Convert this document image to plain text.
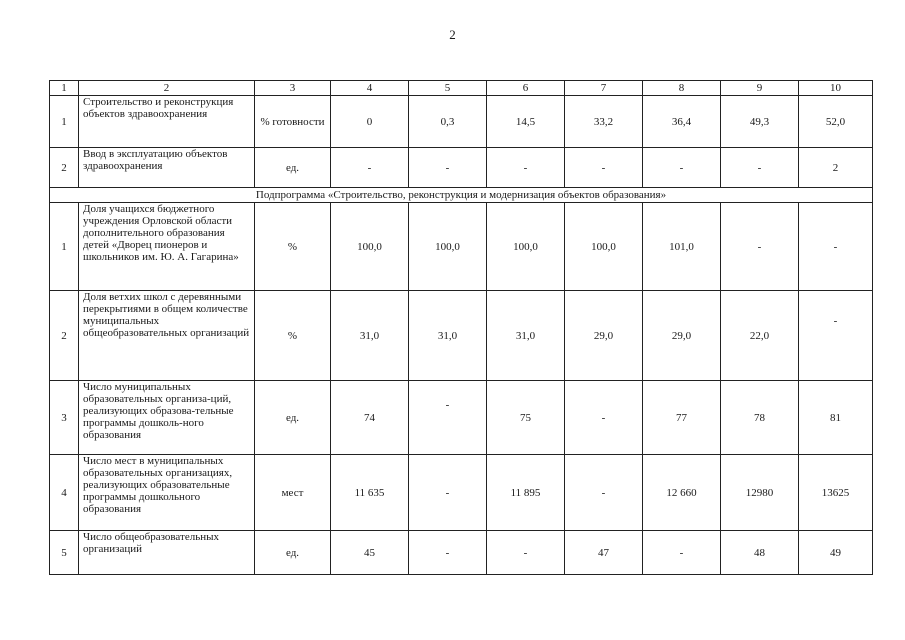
2
1	2	3	4	5	6	7	8	9	10
1	Строительство и реконструкция объектов здравоохранения	% готовности	0	0,3	14,5	33,2	36,4	49,3	52,0
2	Ввод в эксплуатацию объектов здравоохранения	ед.	-	-	-	-	-	-	2
Подпрограмма «Строительство, реконструкция и модернизация объектов образования»									
1	Доля учащихся бюджетного учреждения Орловской области дополнительного образования детей «Дворец пионеров и школьников им. Ю. А. Гагарина»	%	100,0	100,0	100,0	100,0	101,0	-	-
2	Доля ветхих школ с деревянными перекрытиями в общем количестве муниципальных общеобразовательных организаций	%	31,0	31,0	31,0	29,0	29,0	22,0	-
3	Число муниципальных образовательных организа-ций, реализующих образова-тельные программы дошколь-ного образования	ед.	74	-	75	-	77	78	81
4	Число мест в муниципальных образовательных организациях, реализующих образовательные программы дошкольного образования	мест	11 635	-	11 895	-	12 660	12980	13625
5	Число общеобразовательных организаций	ед.	45	-	-	47	-	48	49
